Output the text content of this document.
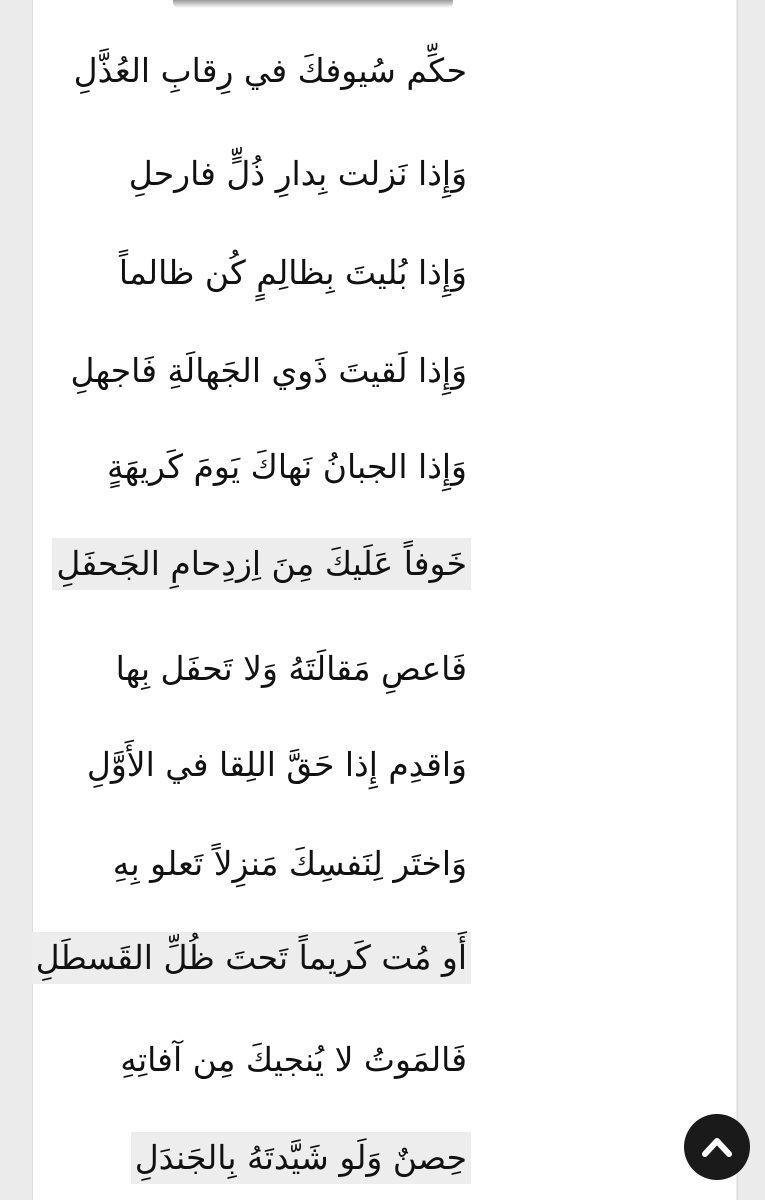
حكِّم سُيوفكَ في رِقابِ العُذَّلِ
وَإِذا نَزلت بِدارِ ذُلٍّ فارحلِ
وَإِذا بُليتَ بِظالِمٍ كُن ظالماً
وَإِذا لَقيتَ ذَوي الجَهالَةِ فَاجهلِ
وَإِذا الجبانُ نَهاكَ يَومَ كَريهَةٍ
خَوفاً عَلَيكَ مِنَ اِزدِحامِ الجَحفَلِ
فَاعصِ مَقالَتَهُ وَلا تَحفَل بِها
وَاقدِم إِذا حَقَّ اللِقا في الأَوَّلِ
وَاختَر لِنَفسِكَ مَنزِلاً تَعلو بِهِ
أَو مُت كَريماً تَحتَ ظُلِّ القَسطَلِ
فَالمَوتُ لا يُنجيكَ مِن آفاتِهِ
حِصنٌ وَلَو شَيَّدتَهُ بِالجَندَلِ
